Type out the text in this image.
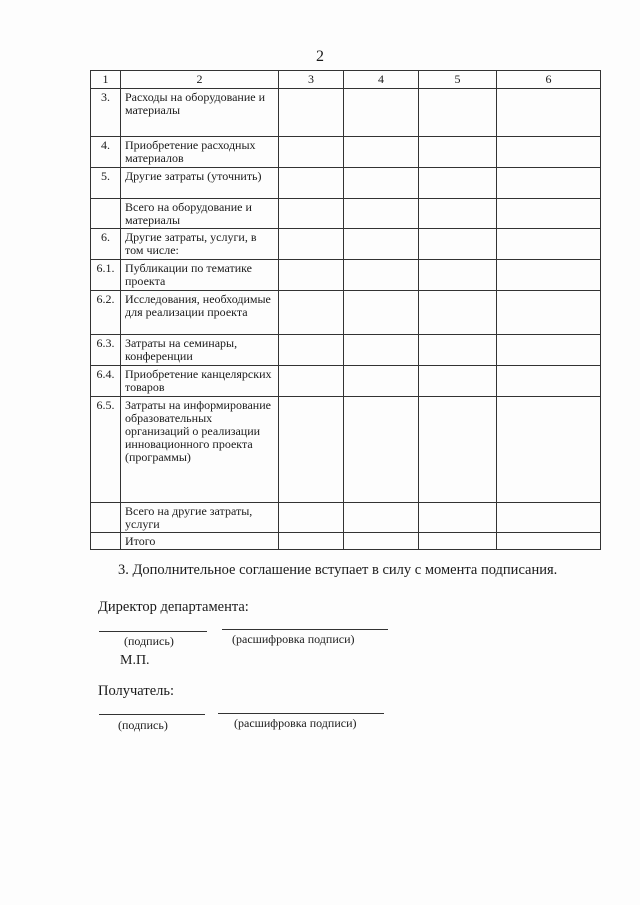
2
1	2	3	4	5	6
3.	Расходы на оборудование и материалы				
4.	Приобретение расходных материалов				
5.	Другие затраты (уточнить)				
	Всего на оборудование и материалы				
6.	Другие затраты, услуги, в том числе:				
6.1.	Публикации по тематике проекта				
6.2.	Исследования, необходимые для реализации проекта				
6.3.	Затраты на семинары, конференции				
6.4.	Приобретение канцелярских товаров				
6.5.	Затраты на информирование образовательных организаций о реализации инновационного проекта (программы)				
	Всего на другие затраты, услуги				
	Итого				
3. Дополнительное соглашение вступает в силу с момента подписания.
Директор департамента:
(подпись)	(расшифровка подписи)
М.П.
Получатель:
(подпись)	(расшифровка подписи)
